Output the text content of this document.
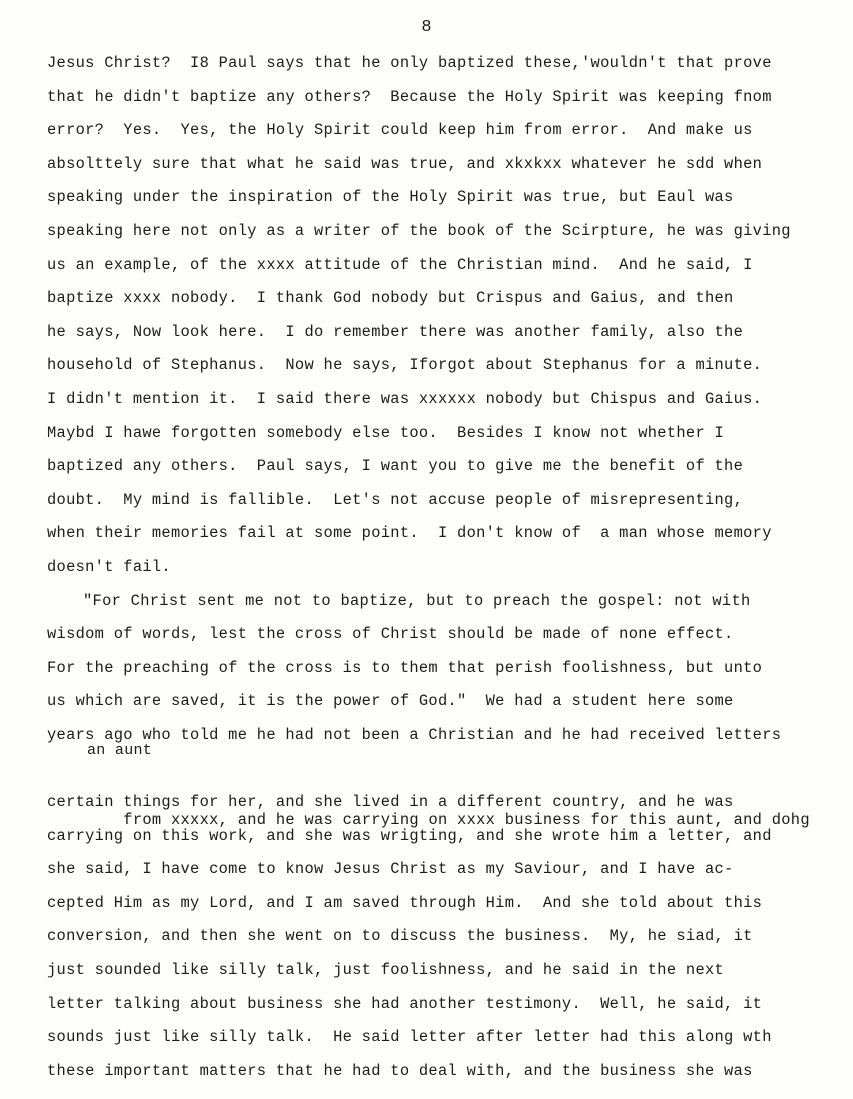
8
Jesus Christ?  I8 Paul says that he only baptized these,'wouldn't that prove
that he didn't baptize any others?  Because the Holy Spirit was keeping fnom
error?  Yes.  Yes, the Holy Spirit could keep him from error.  And make us
absolttely sure that what he said was true, and xkxkxx whatever he sdd when
speaking under the inspiration of the Holy Spirit was true, but Eaul was
speaking here not only as a writer of the book of the Scirpture, he was giving
us an example, of the xxxx attitude of the Christian mind.  And he said, I
baptize xxxx nobody.  I thank God nobody but Crispus and Gaius, and then
he says, Now look here.  I do remember there was another family, also the
household of Stephanus.  Now he says, Iforgot about Stephanus for a minute.
I didn't mention it.  I said there was xxxxxx nobody but Chispus and Gaius.
Maybd I hawe forgotten somebody else too.  Besides I know not whether I
baptized any others.  Paul says, I want you to give me the benefit of the
doubt.  My mind is fallible.  Let's not accuse people of misrepresenting,
when their memories fail at some point.  I don't know of  a man whose memory
doesn't fail.
"For Christ sent me not to baptize, but to preach the gospel: not with
wisdom of words, lest the cross of Christ should be made of none effect.
For the preaching of the cross is to them that perish foolishness, but unto
us which are saved, it is the power of God."  We had a student here some
years ago who told me he had not been a Christian and he had received letters

an aunt

from xxxxx, and he was carrying on xxxx business for this aunt, and dohg

certain things for her, and she lived in a different country, and he was
carrying on this work, and she was wrigting, and she wrote him a letter, and
she said, I have come to know Jesus Christ as my Saviour, and I have ac-
cepted Him as my Lord, and I am saved through Him.  And she told about this
conversion, and then she went on to discuss the business.  My, he siad, it
just sounded like silly talk, just foolishness, and he said in the next
letter talking about business she had another testimony.  Well, he said, it
sounds just like silly talk.  He said letter after letter had this along wth
these important matters that he had to deal with, and the business she was
